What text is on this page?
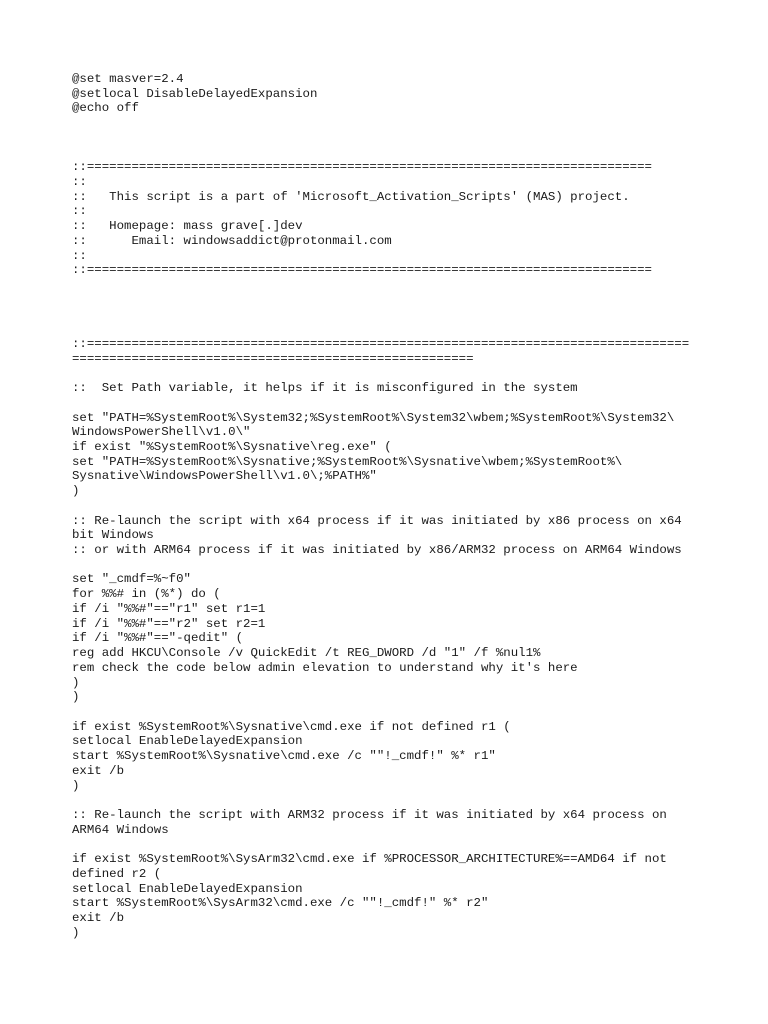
@set masver=2.4
@setlocal DisableDelayedExpansion
@echo off
::============================================================================
::
::   This script is a part of 'Microsoft_Activation_Scripts' (MAS) project.
::
::   Homepage: mass grave[.]dev
::      Email: windowsaddict@protonmail.com
::
::============================================================================
::=================================================================================
======================================================
::  Set Path variable, it helps if it is misconfigured in the system
set "PATH=%SystemRoot%\System32;%SystemRoot%\System32\wbem;%SystemRoot%\System32\
WindowsPowerShell\v1.0\"
if exist "%SystemRoot%\Sysnative\reg.exe" (
set "PATH=%SystemRoot%\Sysnative;%SystemRoot%\Sysnative\wbem;%SystemRoot%\
Sysnative\WindowsPowerShell\v1.0\;%PATH%"
)
:: Re-launch the script with x64 process if it was initiated by x86 process on x64
bit Windows
:: or with ARM64 process if it was initiated by x86/ARM32 process on ARM64 Windows
set "_cmdf=%~f0"
for %%# in (%*) do (
if /i "%%#"=="r1" set r1=1
if /i "%%#"=="r2" set r2=1
if /i "%%#"=="-qedit" (
reg add HKCU\Console /v QuickEdit /t REG_DWORD /d "1" /f %nul1%
rem check the code below admin elevation to understand why it's here
)
)
if exist %SystemRoot%\Sysnative\cmd.exe if not defined r1 (
setlocal EnableDelayedExpansion
start %SystemRoot%\Sysnative\cmd.exe /c ""!_cmdf!" %* r1"
exit /b
)
:: Re-launch the script with ARM32 process if it was initiated by x64 process on
ARM64 Windows
if exist %SystemRoot%\SysArm32\cmd.exe if %PROCESSOR_ARCHITECTURE%==AMD64 if not
defined r2 (
setlocal EnableDelayedExpansion
start %SystemRoot%\SysArm32\cmd.exe /c ""!_cmdf!" %* r2"
exit /b
)
